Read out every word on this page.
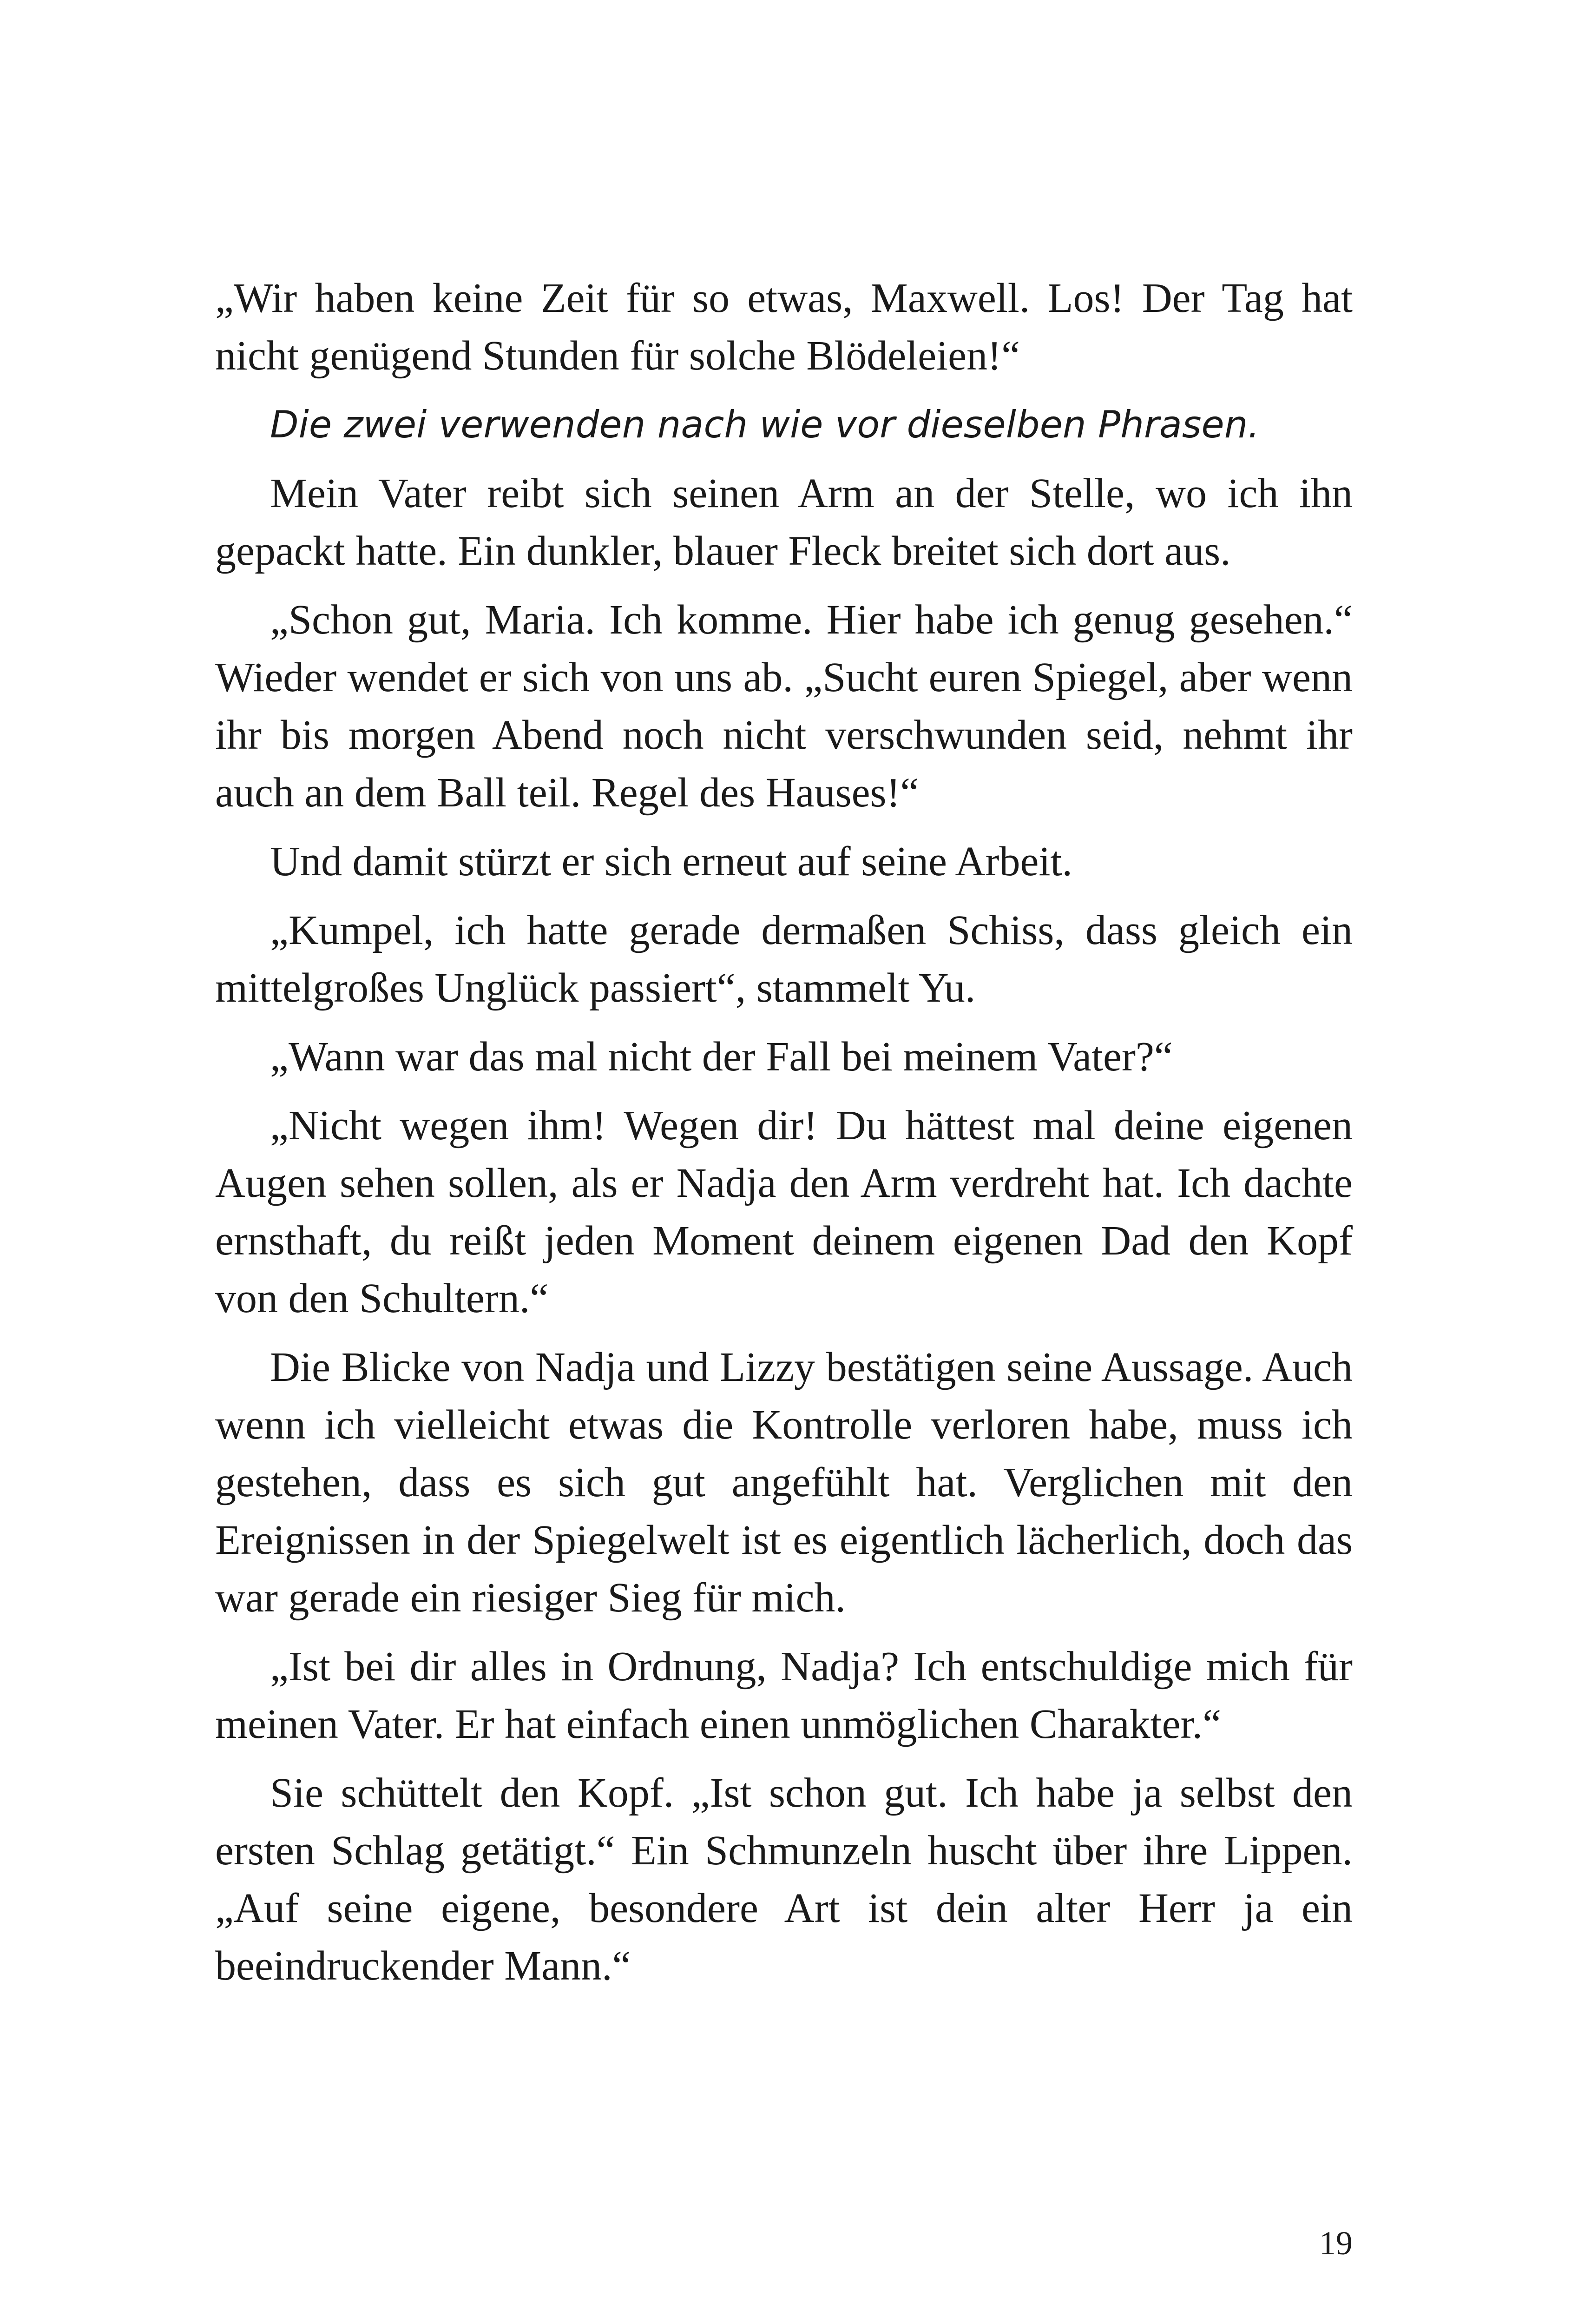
„Wir haben keine Zeit für so etwas, Maxwell. Los! Der Tag hat nicht genügend Stunden für solche Blödeleien!“

Die zwei verwenden nach wie vor dieselben Phrasen.

Mein Vater reibt sich seinen Arm an der Stelle, wo ich ihn gepackt hatte. Ein dunkler, blauer Fleck breitet sich dort aus.

„Schon gut, Maria. Ich komme. Hier habe ich genug gesehen.“ Wieder wendet er sich von uns ab. „Sucht euren Spiegel, aber wenn ihr bis morgen Abend noch nicht verschwunden seid, nehmt ihr auch an dem Ball teil. Regel des Hauses!“

Und damit stürzt er sich erneut auf seine Arbeit.

„Kumpel, ich hatte gerade dermaßen Schiss, dass gleich ein mittelgroßes Unglück passiert“, stammelt Yu.

„Wann war das mal nicht der Fall bei meinem Vater?“

„Nicht wegen ihm! Wegen dir! Du hättest mal deine eigenen Augen sehen sollen, als er Nadja den Arm verdreht hat. Ich dachte ernsthaft, du reißt jeden Moment deinem eigenen Dad den Kopf von den Schultern.“

Die Blicke von Nadja und Lizzy bestätigen seine Aussage. Auch wenn ich vielleicht etwas die Kontrolle verloren habe, muss ich gestehen, dass es sich gut angefühlt hat. Verglichen mit den Ereignissen in der Spiegelwelt ist es eigentlich lächerlich, doch das war gerade ein riesiger Sieg für mich.

„Ist bei dir alles in Ordnung, Nadja? Ich entschuldige mich für meinen Vater. Er hat einfach einen unmöglichen Charakter.“

Sie schüttelt den Kopf. „Ist schon gut. Ich habe ja selbst den ersten Schlag getätigt.“ Ein Schmunzeln huscht über ihre Lippen. „Auf seine eigene, besondere Art ist dein alter Herr ja ein beeindruckender Mann.“

19
